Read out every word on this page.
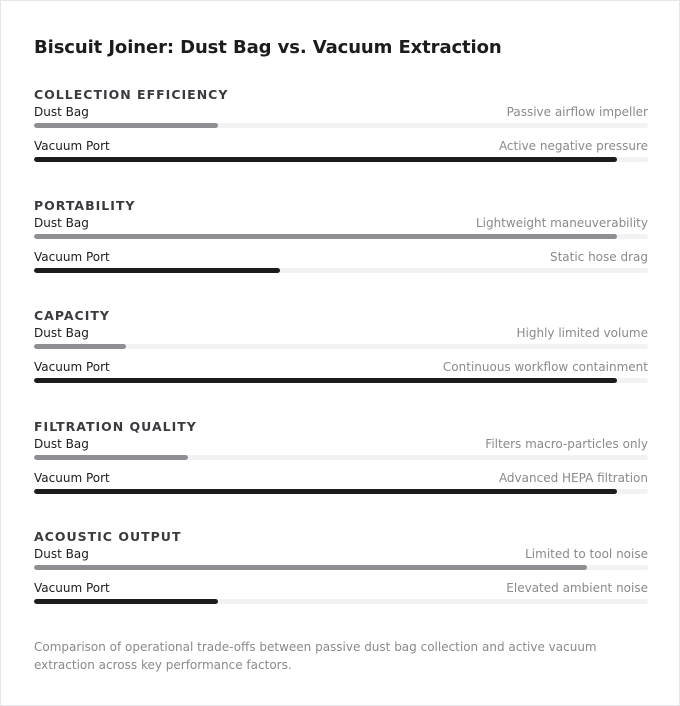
Biscuit Joiner: Dust Bag vs. Vacuum Extraction
COLLECTION EFFICIENCY
Dust Bag	Passive airflow impeller
Vacuum Port	Active negative pressure
PORTABILITY
Dust Bag	Lightweight maneuverability
Vacuum Port	Static hose drag
CAPACITY
Dust Bag	Highly limited volume
Vacuum Port	Continuous workflow containment
FILTRATION QUALITY
Dust Bag	Filters macro-particles only
Vacuum Port	Advanced HEPA filtration
ACOUSTIC OUTPUT
Dust Bag	Limited to tool noise
Vacuum Port	Elevated ambient noise
Comparison of operational trade-offs between passive dust bag collection and active vacuum extraction across key performance factors.
